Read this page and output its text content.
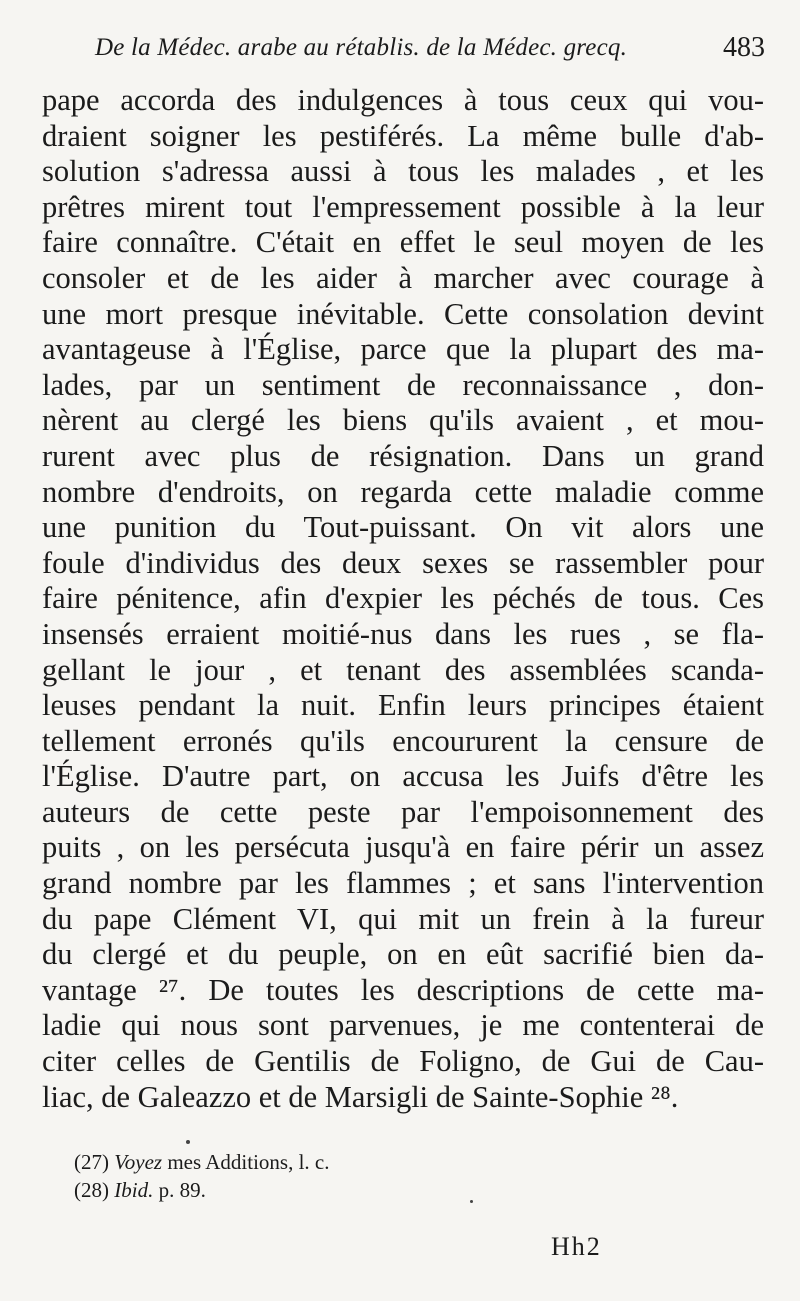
De la Médec. arabe au rétablis. de la Médec. grecq.	483
pape accorda des indulgences à tous ceux qui vou-
draient soigner les pestiférés. La même bulle d'ab-
solution s'adressa aussi à tous les malades , et les
prêtres mirent tout l'empressement possible à la leur
faire connaître. C'était en effet le seul moyen de les
consoler et de les aider à marcher avec courage à
une mort presque inévitable. Cette consolation devint
avantageuse à l'Église, parce que la plupart des ma-
lades, par un sentiment de reconnaissance , don-
nèrent au clergé les biens qu'ils avaient , et mou-
rurent avec plus de résignation. Dans un grand
nombre d'endroits, on regarda cette maladie comme
une punition du Tout-puissant. On vit alors une
foule d'individus des deux sexes se rassembler pour
faire pénitence, afin d'expier les péchés de tous. Ces
insensés erraient moitié-nus dans les rues , se fla-
gellant le jour , et tenant des assemblées scanda-
leuses pendant la nuit. Enfin leurs principes étaient
tellement erronés qu'ils encoururent la censure de
l'Église. D'autre part, on accusa les Juifs d'être les
auteurs de cette peste par l'empoisonnement des
puits , on les persécuta jusqu'à en faire périr un assez
grand nombre par les flammes ; et sans l'intervention
du pape Clément VI, qui mit un frein à la fureur
du clergé et du peuple, on en eût sacrifié bien da-
vantage ²⁷. De toutes les descriptions de cette ma-
ladie qui nous sont parvenues, je me contenterai de
citer celles de Gentilis de Foligno, de Gui de Cau-
liac, de Galeazzo et de Marsigli de Sainte-Sophie ²⁸.
(27) Voyez mes Additions, l. c.
(28) Ibid. p. 89.
Hh2
